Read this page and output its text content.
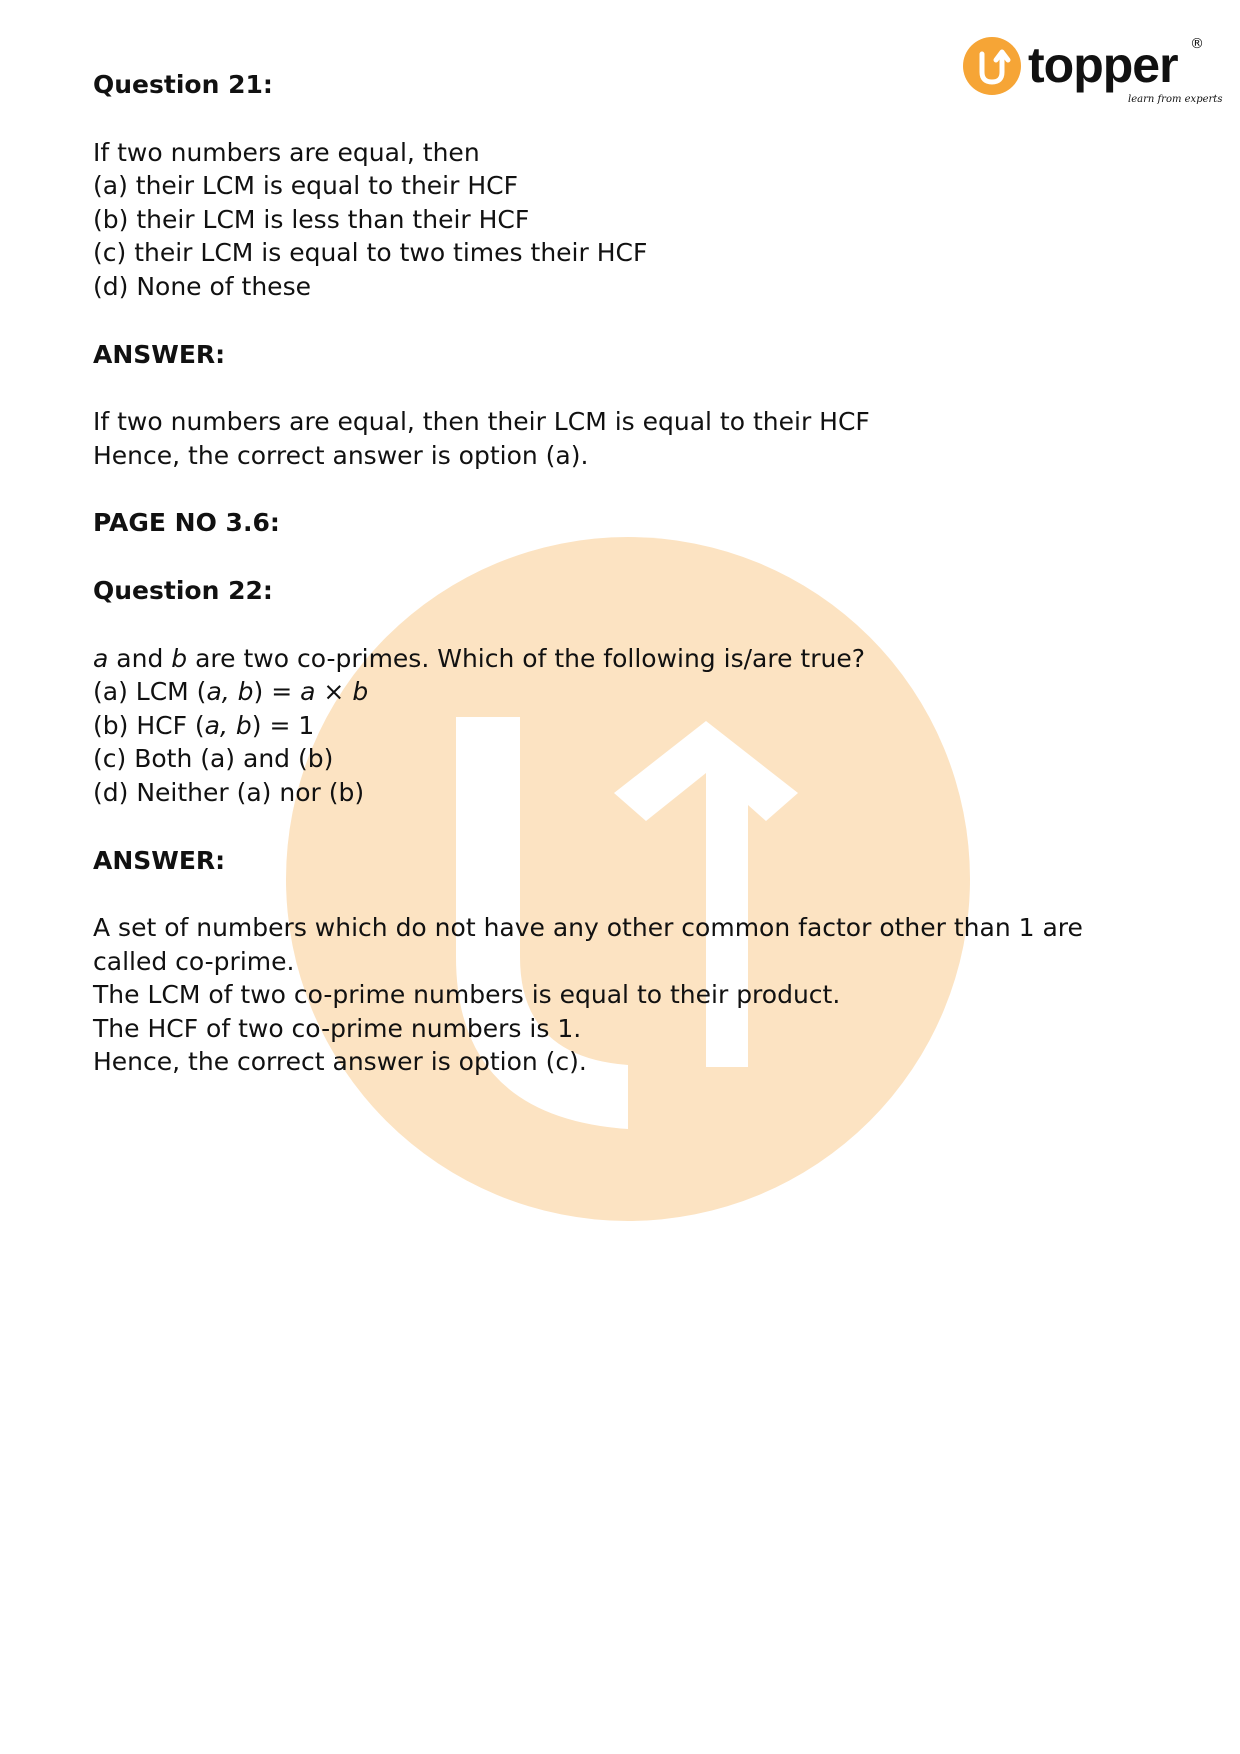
topper ®
learn from experts

Question 21:

If two numbers are equal, then

(a) their LCM is equal to their HCF

(b) their LCM is less than their HCF

(c) their LCM is equal to two times their HCF

(d) None of these

ANSWER:

If two numbers are equal, then their LCM is equal to their HCF

Hence, the correct answer is option (a).

PAGE NO 3.6:

Question 22:

a and b are two co-primes. Which of the following is/are true?

(a) LCM (a, b) = a × b

(b) HCF (a, b) = 1

(c) Both (a) and (b)

(d) Neither (a) nor (b)

ANSWER:

A set of numbers which do not have any other common factor other than 1 are

called co-prime.

The LCM of two co-prime numbers is equal to their product.

The HCF of two co-prime numbers is 1.

Hence, the correct answer is option (c).
